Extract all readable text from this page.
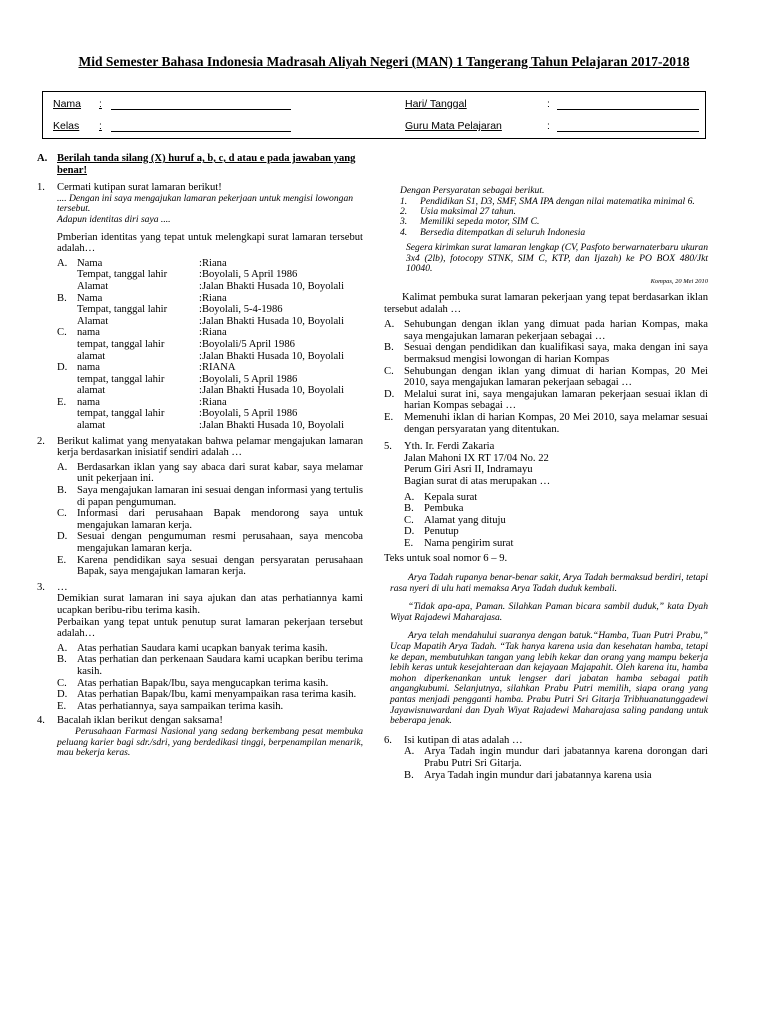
Mid Semester Bahasa Indonesia Madrasah Aliyah Negeri (MAN) 1 Tangerang Tahun Pelajaran 2017-2018
Nama :
Kelas :
Hari/ Tanggal	:
Guru Mata Pelajaran	:
A. Berilah tanda silang (X) huruf a, b, c, d atau e pada jawaban yang benar!
1. Cermati kutipan surat lamaran berikut!
.... Dengan ini saya mengajukan lamaran pekerjaan untuk mengisi lowongan tersebut.
Adapun identitas diri saya ....
Pmberian identitas yang tepat untuk melengkapi surat lamaran tersebut adalah…
A. Nama	:Riana
Tempat, tanggal lahir	:Boyolali, 5 April 1986
Alamat	:Jalan Bhakti Husada 10, Boyolali
B. Nama	:Riana
Tempat, tanggal lahir	:Boyolali, 5-4-1986
Alamat	:Jalan Bhakti Husada 10, Boyolali
C. nama	:Riana
tempat, tanggal lahir	:Boyolali/5 April 1986
alamat	:Jalan Bhakti Husada 10, Boyolali
D. nama	:RIANA
tempat, tanggal lahir	:Boyolali, 5 April 1986
alamat	:Jalan Bhakti Husada 10, Boyolali
E.	nama	:Riana
tempat, tanggal lahir	:Boyolali, 5 April 1986
alamat	:Jalan Bhakti Husada 10, Boyolali
2. Berikut kalimat yang menyatakan bahwa pelamar mengajukan lamaran kerja berdasarkan inisiatif sendiri adalah …
A. Berdasarkan iklan yang say abaca dari surat kabar, saya melamar unit pekerjaan ini.
B. Saya mengajukan lamaran ini sesuai dengan informasi yang tertulis di papan pengumuman.
C. Informasi dari perusahaan Bapak mendorong saya untuk mengajukan lamaran kerja.
D. Sesuai dengan pengumuman resmi perusahaan, saya mencoba mengajukan lamaran kerja.
E. Karena pendidikan saya sesuai dengan persyaratan perusahaan Bapak, saya mengajukan lamaran kerja.
3. …
Demikian surat lamaran ini saya ajukan dan atas perhatiannya kami ucapkan beribu-ribu terima kasih.
Perbaikan yang tepat untuk penutup surat lamaran pekerjaan tersebut adalah…
A. Atas perhatian Saudara kami ucapkan banyak terima kasih.
B. Atas perhatian dan perkenaan Saudara kami ucapkan beribu terima kasih.
C. Atas perhatian Bapak/Ibu, saya mengucapkan terima kasih.
D. Atas perhatian Bapak/Ibu, kami menyampaikan rasa terima kasih.
E. Atas perhatiannya, saya sampaikan terima kasih.
4. Bacalah iklan berikut dengan saksama!
Perusahaan Farmasi Nasional yang sedang berkembang pesat membuka peluang karier bagi sdr./sdri, yang berdedikasi tinggi, berpenampilan menarik, mau bekerja keras.
Dengan Persyaratan sebagai berikut.
1.	Pendidikan S1, D3, SMF, SMA IPA dengan nilai matematika minimal 6.
2.	Usia maksimal 27 tahun.
3.	Memiliki sepeda motor, SIM C.
4.	Bersedia ditempatkan di seluruh Indonesia
Segera kirimkan surat lamaran lengkap (CV, Pasfoto berwarnaterbaru ukuran 3x4 (2lb), fotocopy STNK, SIM C, KTP, dan Ijazah) ke PO BOX 480/Jkt 10040.
Kompas, 20 Mei 2010
Kalimat pembuka surat lamaran pekerjaan yang tepat berdasarkan iklan tersebut adalah …
A. Sehubungan dengan iklan yang dimuat pada harian Kompas, maka saya mengajukan lamaran pekerjaan sebagai …
B. Sesuai dengan pendidikan dan kualifikasi saya, maka dengan ini saya bermaksud mengisi lowongan di harian Kompas
C. Sehubungan dengan iklan yang dimuat di harian Kompas, 20 Mei 2010, saya mengajukan lamaran pekerjaan sebagai …
D. Melalui surat ini, saya mengajukan lamaran pekerjaan sesuai iklan di harian Kompas sebagai …
E. Memenuhi iklan di harian Kompas, 20 Mei 2010, saya melamar sesuai dengan persyaratan yang ditentukan.
5. Yth. Ir. Ferdi Zakaria
Jalan Mahoni IX RT 17/04 No. 22
Perum Giri Asri II, Indramayu
Bagian surat di atas merupakan …
A. Kepala surat
B. Pembuka
C. Alamat yang dituju
D. Penutup
E. Nama pengirim surat
Teks untuk soal nomor 6 – 9.
Arya Tadah rupanya benar-benar sakit, Arya Tadah bermaksud berdiri, tetapi rasa nyeri di ulu hati memaksa Arya Tadah duduk kembali.
“Tidak apa-apa, Paman. Silahkan Paman bicara sambil duduk,” kata Dyah Wiyat Rajadewi Maharajasa.
Arya telah mendahului suaranya dengan batuk.“Hamba, Tuan Putri Prabu,” Ucap Mapatih Arya Tadah. “Tak hanya karena usia dan kesehatan hamba, tetapi ke depan, membutuhkan tangan yang lebih kekar dan orang yang mampu bekerja lebih keras untuk kesejahteraan dan kejayaan Majapahit. Oleh karena itu, hamba mohon diperkenankan untuk lengser dari jabatan hamba sebagai patih angangkubumi. Selanjutnya, silahkan Prabu Putri memilih, siapa orang yang pantas menjadi pengganti hamba. Prabu Putri Sri Gitarja Tribhuanatunggadewi Jayawisnuwardani dan Dyah Wiyat Rajadewi Maharajasa saling pandang untuk beberapa jenak.
6. Isi kutipan di atas adalah …
A. Arya Tadah ingin mundur dari jabatannya karena dorongan dari Prabu Putri Sri Gitarja.
B. Arya Tadah ingin mundur dari jabatannya karena usia
